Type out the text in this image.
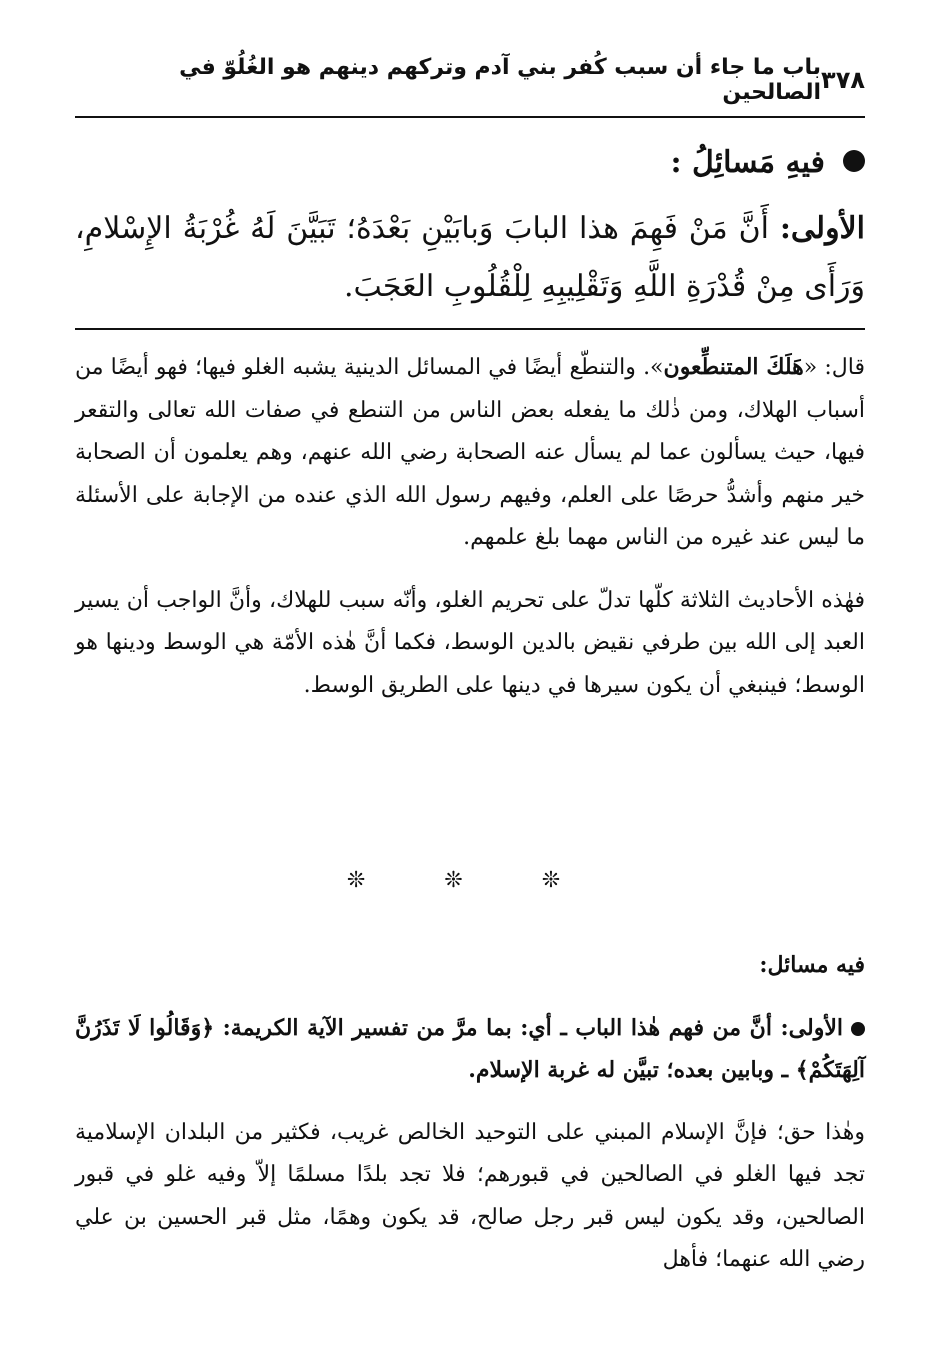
٣٧٨
باب ما جاء أن سبب كُفر بني آدم وتركهم دينهم هو الغُلُوّ في الصالحين
فيهِ مَسائِلُ :

الأولى: أَنَّ مَنْ فَهِمَ هذا البابَ وَبابَيْنِ بَعْدَهُ؛ تَبَيَّنَ لَهُ غُرْبَةُ الإِسْلامِ، وَرَأَى مِنْ قُدْرَةِ اللَّهِ وَتَقْلِيبِهِ لِلْقُلُوبِ العَجَبَ.

قال: «هَلَكَ المتنطِّعون». والتنطّع أيضًا في المسائل الدينية يشبه الغلو فيها؛ فهو أيضًا من أسباب الهلاك، ومن ذٰلك ما يفعله بعض الناس من التنطع في صفات الله تعالى والتقعر فيها، حيث يسألون عما لم يسأل عنه الصحابة رضي الله عنهم، وهم يعلمون أن الصحابة خير منهم وأشدُّ حرصًا على العلم، وفيهم رسول الله الذي عنده من الإجابة على الأسئلة ما ليس عند غيره من الناس مهما بلغ علمهم.

فهٰذه الأحاديث الثلاثة كلّها تدلّ على تحريم الغلو، وأنّه سبب للهلاك، وأنَّ الواجب أن يسير العبد إلى الله بين طرفي نقيض بالدين الوسط، فكما أنَّ هٰذه الأمّة هي الوسط ودينها هو الوسط؛ فينبغي أن يكون سيرها في دينها على الطريق الوسط.

❊ ❊ ❊
فيه مسائل:

الأولى: أنَّ من فهم هٰذا الباب ـ أي: بما مرَّ من تفسير الآية الكريمة: ﴿وَقَالُوا لَا تَذَرُنَّ آلِهَتَكُمْ﴾ ـ وبابين بعده؛ تبيَّن له غربة الإسلام.

وهٰذا حق؛ فإنَّ الإسلام المبني على التوحيد الخالص غريب، فكثير من البلدان الإسلامية تجد فيها الغلو في الصالحين في قبورهم؛ فلا تجد بلدًا مسلمًا إلاّ وفيه غلو في قبور الصالحين، وقد يكون ليس قبر رجل صالح، قد يكون وهمًا، مثل قبر الحسين بن علي رضي الله عنهما؛ فأهل
